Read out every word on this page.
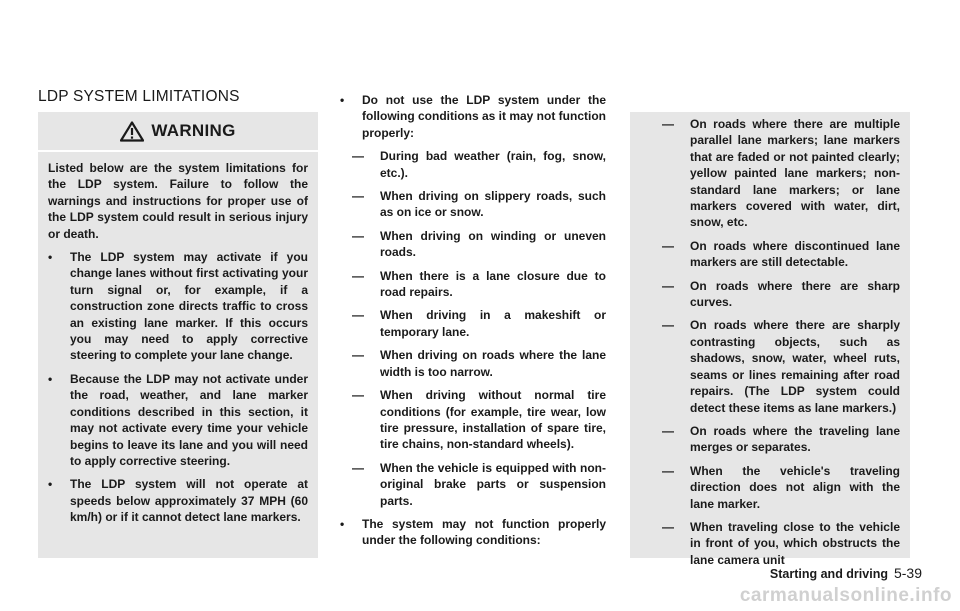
LDP SYSTEM LIMITATIONS
WARNING

Listed below are the system limitations for the LDP system. Failure to follow the warnings and instructions for proper use of the LDP system could result in serious injury or death.

• The LDP system may activate if you change lanes without first activating your turn signal or, for example, if a construction zone directs traffic to cross an existing lane marker. If this occurs you may need to apply corrective steering to complete your lane change.
• Because the LDP may not activate under the road, weather, and lane marker conditions described in this section, it may not activate every time your vehicle begins to leave its lane and you will need to apply corrective steering.
• The LDP system will not operate at speeds below approximately 37 MPH (60 km/h) or if it cannot detect lane markers.
• Do not use the LDP system under the following conditions as it may not function properly:
— During bad weather (rain, fog, snow, etc.).
— When driving on slippery roads, such as on ice or snow.
— When driving on winding or uneven roads.
— When there is a lane closure due to road repairs.
— When driving in a makeshift or temporary lane.
— When driving on roads where the lane width is too narrow.
— When driving without normal tire conditions (for example, tire wear, low tire pressure, installation of spare tire, tire chains, non-standard wheels).
— When the vehicle is equipped with non-original brake parts or suspension parts.
• The system may not function properly under the following conditions:
— On roads where there are multiple parallel lane markers; lane markers that are faded or not painted clearly; yellow painted lane markers; non-standard lane markers; or lane markers covered with water, dirt, snow, etc.
— On roads where discontinued lane markers are still detectable.
— On roads where there are sharp curves.
— On roads where there are sharply contrasting objects, such as shadows, snow, water, wheel ruts, seams or lines remaining after road repairs. (The LDP system could detect these items as lane markers.)
— On roads where the traveling lane merges or separates.
— When the vehicle's traveling direction does not align with the lane marker.
— When traveling close to the vehicle in front of you, which obstructs the lane camera unit
Starting and driving 5-39
carmanualsonline.info
